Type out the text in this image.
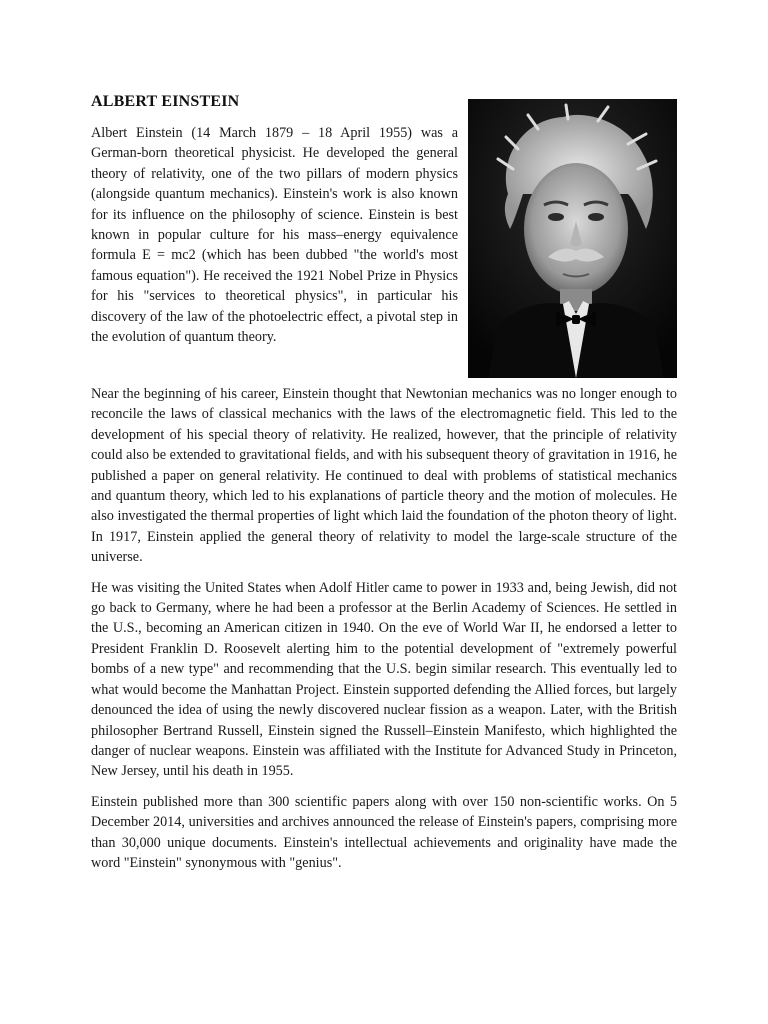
ALBERT EINSTEIN

Albert Einstein (14 March 1879 – 18 April 1955) was a German-born theoretical physicist. He developed the general theory of relativity, one of the two pillars of modern physics (alongside quantum mechanics). Einstein's work is also known for its influence on the philosophy of science. Einstein is best known in popular culture for his mass–energy equivalence formula E = mc2 (which has been dubbed "the world's most famous equation"). He received the 1921 Nobel Prize in Physics for his "services to theoretical physics", in particular his discovery of the law of the photoelectric effect, a pivotal step in the evolution of quantum theory.

Near the beginning of his career, Einstein thought that Newtonian mechanics was no longer enough to reconcile the laws of classical mechanics with the laws of the electromagnetic field. This led to the development of his special theory of relativity. He realized, however, that the principle of relativity could also be extended to gravitational fields, and with his subsequent theory of gravitation in 1916, he published a paper on general relativity. He continued to deal with problems of statistical mechanics and quantum theory, which led to his explanations of particle theory and the motion of molecules. He also investigated the thermal properties of light which laid the foundation of the photon theory of light. In 1917, Einstein applied the general theory of relativity to model the large-scale structure of the universe.

He was visiting the United States when Adolf Hitler came to power in 1933 and, being Jewish, did not go back to Germany, where he had been a professor at the Berlin Academy of Sciences. He settled in the U.S., becoming an American citizen in 1940. On the eve of World War II, he endorsed a letter to President Franklin D. Roosevelt alerting him to the potential development of "extremely powerful bombs of a new type" and recommending that the U.S. begin similar research. This eventually led to what would become the Manhattan Project. Einstein supported defending the Allied forces, but largely denounced the idea of using the newly discovered nuclear fission as a weapon. Later, with the British philosopher Bertrand Russell, Einstein signed the Russell–Einstein Manifesto, which highlighted the danger of nuclear weapons. Einstein was affiliated with the Institute for Advanced Study in Princeton, New Jersey, until his death in 1955.

Einstein published more than 300 scientific papers along with over 150 non-scientific works. On 5 December 2014, universities and archives announced the release of Einstein's papers, comprising more than 30,000 unique documents. Einstein's intellectual achievements and originality have made the word "Einstein" synonymous with "genius".
